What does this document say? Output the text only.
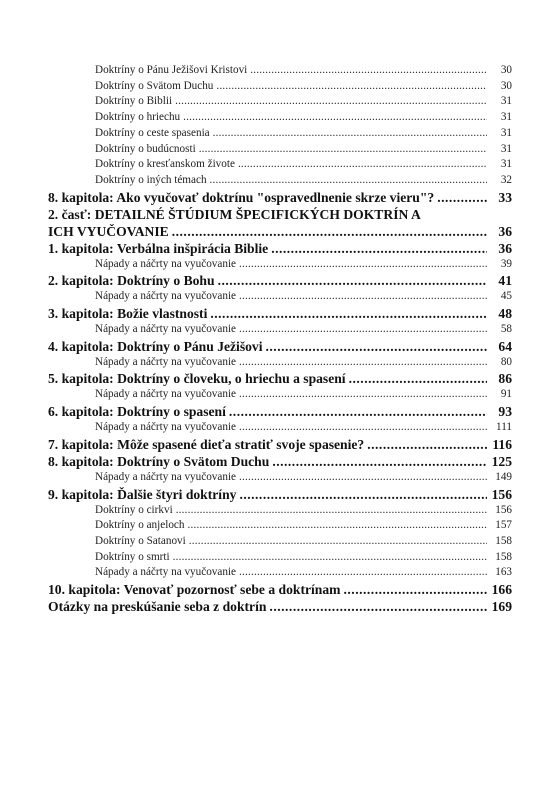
Doktríny o Pánu Ježišovi Kristovi .....	30
Doktríny o Svätom Duchu .....	30
Doktríny o Biblii .....	31
Doktríny o hriechu .....	31
Doktríny o ceste spasenia .....	31
Doktríny o budúcnosti .....	31
Doktríny o kresťanskom živote .....	31
Doktríny o iných témach .....	32
8. kapitola: Ako vyučovať doktrínu "ospravedlnenie skrze vieru"? .....	33
2. časť: DETAILNÉ ŠTÚDIUM ŠPECIFICKÝCH DOKTRÍN A
ICH VYUČOVANIE .....	36
1. kapitola: Verbálna inšpirácia Biblie .....	36
Nápady a náčrty na vyučovanie .....	39
2. kapitola: Doktríny o Bohu .....	41
Nápady a náčrty na vyučovanie .....	45
3. kapitola: Božie vlastnosti .....	48
Nápady a náčrty na vyučovanie .....	58
4. kapitola: Doktríny o Pánu Ježišovi .....	64
Nápady a náčrty na vyučovanie .....	80
5. kapitola: Doktríny o človeku, o hriechu a spasení .....	86
Nápady a náčrty na vyučovanie .....	91
6. kapitola: Doktríny o spasení .....	93
Nápady a náčrty na vyučovanie .....	111
7. kapitola: Môže spasené dieťa stratiť svoje spasenie? .....	116
8. kapitola: Doktríny o Svätom Duchu .....	125
Nápady a náčrty na vyučovanie .....	149
9. kapitola: Ďalšie štyri doktríny .....	156
Doktríny o cirkvi .....	156
Doktríny o anjeloch .....	157
Doktríny o Satanovi .....	158
Doktríny o smrti .....	158
Nápady a náčrty na vyučovanie .....	163
10. kapitola: Venovať pozornosť sebe a doktrínam .....	166
Otázky na preskúšanie seba z doktrín .....	169
